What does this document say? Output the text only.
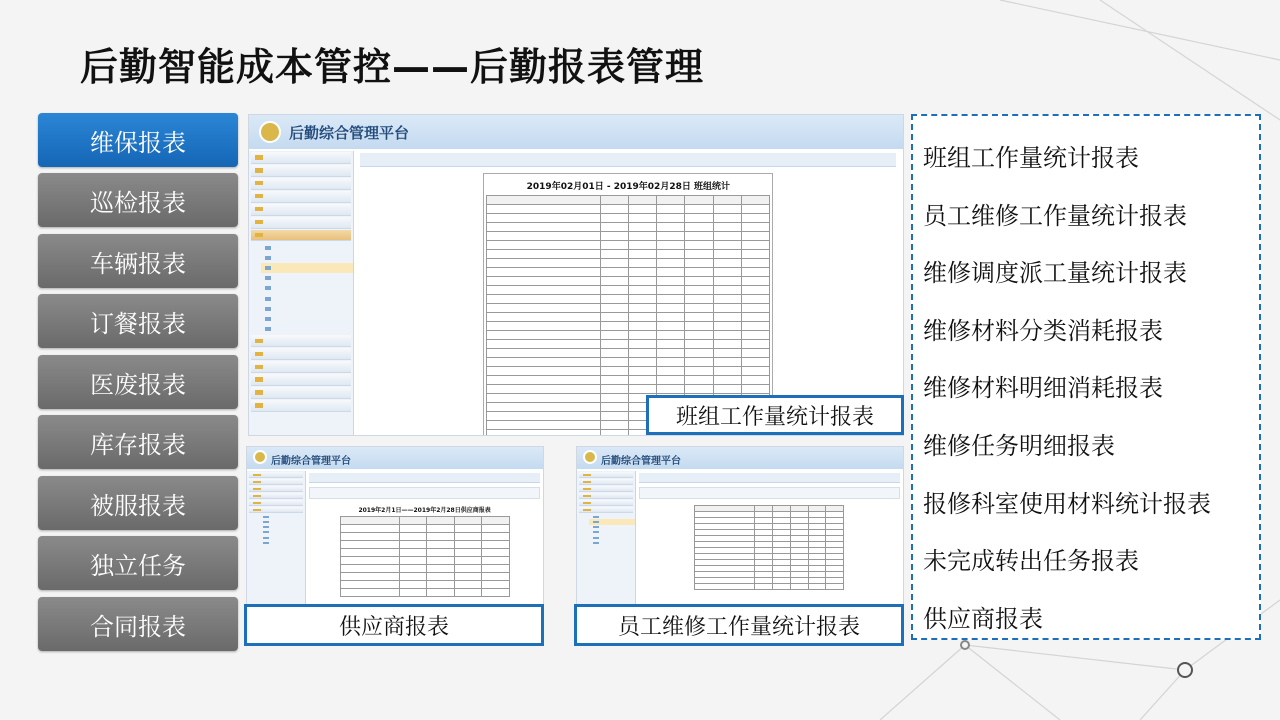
后勤智能成本管控——后勤报表管理
维保报表
巡检报表
车辆报表
订餐报表
医废报表
库存报表
被服报表
独立任务
合同报表
后勤综合管理平台
2019年02月01日 - 2019年02月28日 班组统计

班组工作量统计报表
后勤综合管理平台
2019年2月1日——2019年2月28日供应商报表

供应商报表
后勤综合管理平台

员工维修工作量统计报表
班组工作量统计报表
员工维修工作量统计报表
维修调度派工量统计报表
维修材料分类消耗报表
维修材料明细消耗报表
维修任务明细报表
报修科室使用材料统计报表
未完成转出任务报表
供应商报表
